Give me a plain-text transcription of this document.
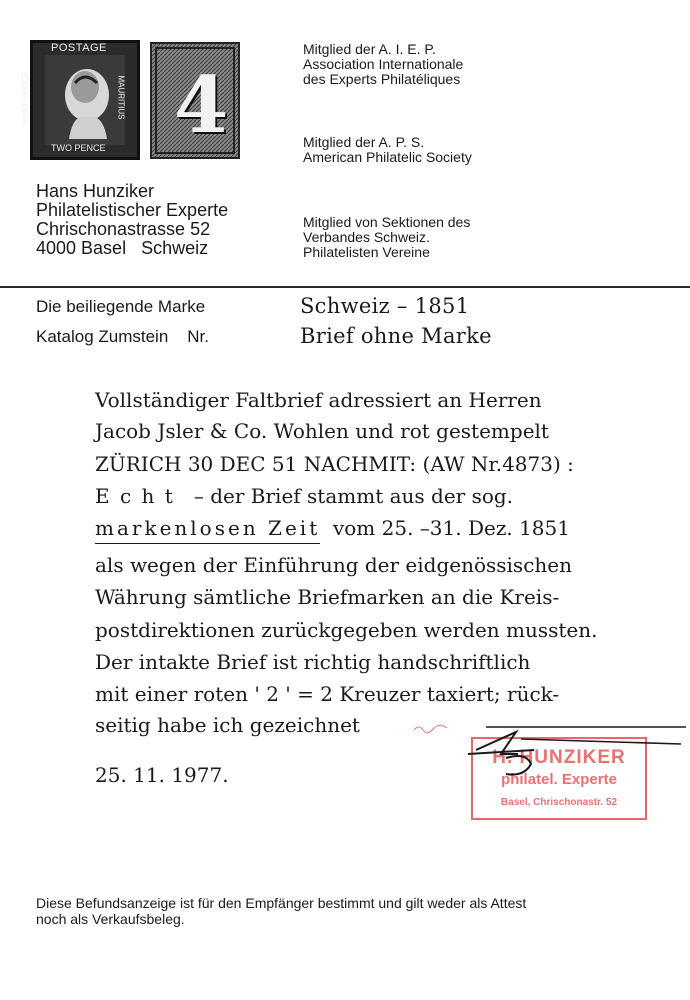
POSTAGE
POST OFFICE	MAURITIUS
TWO PENCE 4
Mitglied der A. I. E. P.
Association Internationale
des Experts Philatéliques
Mitglied der A. P. S.
American Philatelic Society
Mitglied von Sektionen des
Verbandes Schweiz.
Philatelisten Vereine
Hans Hunziker
Philatelistischer Experte
Chrischonastrasse 52
4000 Basel Schweiz
Die beiliegende Marke	Schweiz – 1851
Katalog Zumstein Nr.	Brief ohne Marke
Vollständiger Faltbrief adressiert an Herren
Jacob Jsler & Co. Wohlen und rot gestempelt
ZÜRICH 30 DEC 51 NACHMIT: (AW Nr.4873) :
E c h t – der Brief stammt aus der sog.
markenlosen Zeit vom 25. –31. Dez. 1851
als wegen der Einführung der eidgenössischen
Währung sämtliche Briefmarken an die Kreis-
postdirektionen zurückgegeben werden mussten.
Der intakte Brief ist richtig handschriftlich
mit einer roten ' 2 ' = 2 Kreuzer taxiert; rück-
seitig habe ich gezeichnet
25. 11. 1977.
H. HUNZIKER
philatel. Experte
Basel, Chrischonastr. 52
Diese Befundsanzeige ist für den Empfänger bestimmt und gilt weder als Attest
noch als Verkaufsbeleg.
